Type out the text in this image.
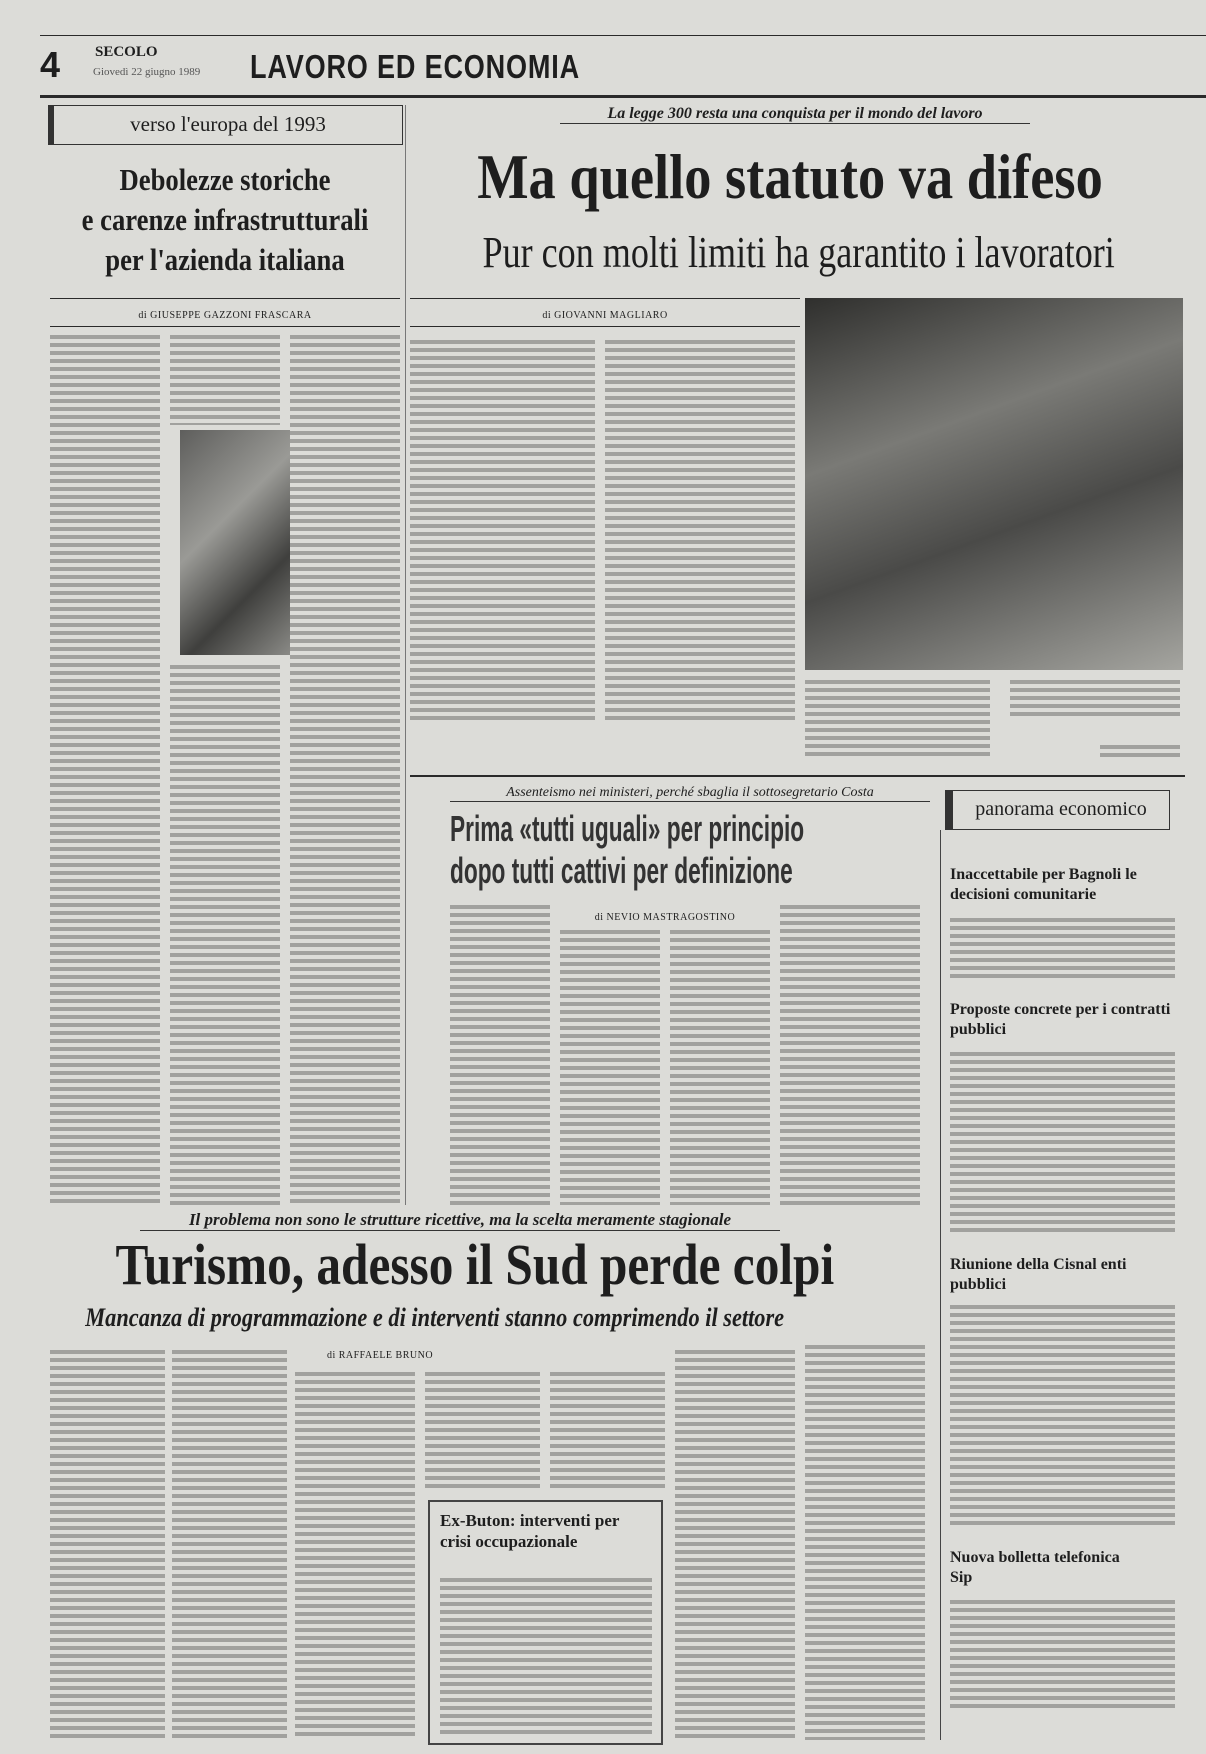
4 SECOLO
Giovedì 22 giugno 1989 LAVORO ED ECONOMIA
verso l'europa del 1993
Debolezze storiche
e carenze infrastrutturali
per l'azienda italiana
di GIUSEPPE GAZZONI FRASCARA
La legge 300 resta una conquista per il mondo del lavoro
Ma quello statuto va difeso
Pur con molti limiti ha garantito i lavoratori
di GIOVANNI MAGLIARO
Assenteismo nei ministeri, perché sbaglia il sottosegretario Costa
Prima «tutti uguali» per principio
dopo tutti cattivi per definizione
di NEVIO MASTRAGOSTINO
panorama economico
Inaccettabile per Bagnoli le decisioni comunitarie
Proposte concrete per i contratti pubblici
Riunione della Cisnal enti pubblici
Nuova bolletta telefonica Sip
Il problema non sono le strutture ricettive, ma la scelta meramente stagionale
Turismo, adesso il Sud perde colpi
Mancanza di programmazione e di interventi stanno comprimendo il settore
di RAFFAELE BRUNO
Ex-Buton: interventi per crisi occupazionale
